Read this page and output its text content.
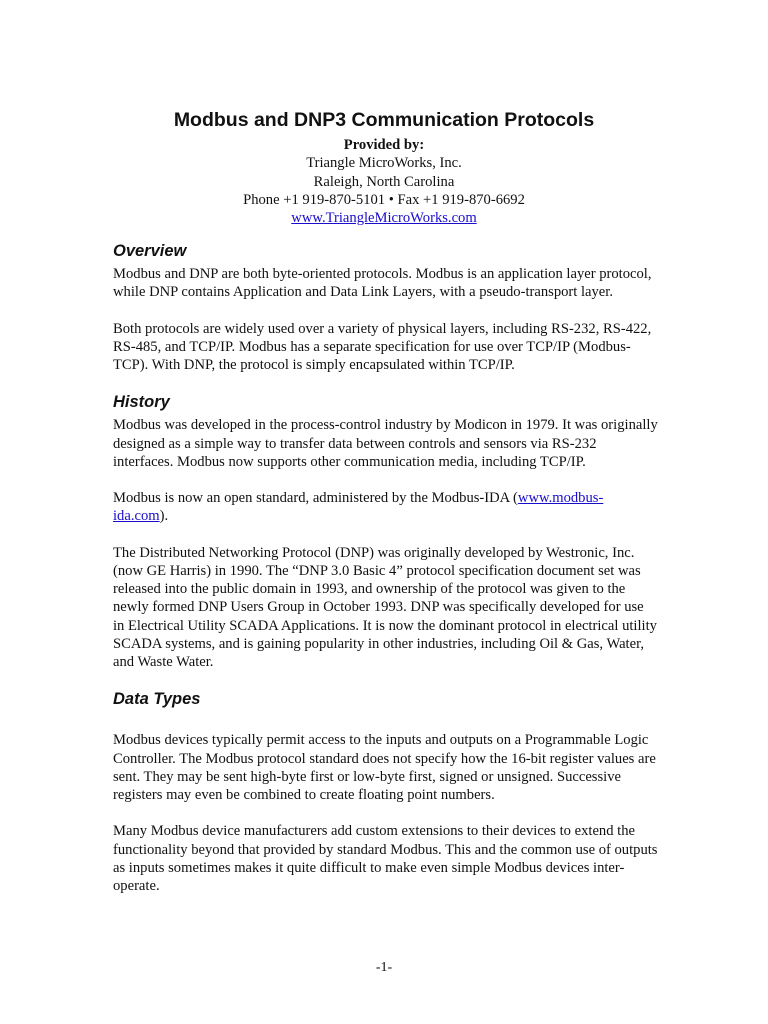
Modbus and DNP3 Communication Protocols
Provided by:
Triangle MicroWorks, Inc.
Raleigh, North Carolina
Phone +1 919-870-5101 • Fax +1 919-870-6692
www.TriangleMicroWorks.com
Overview

Modbus and DNP are both byte-oriented protocols. Modbus is an application layer protocol, while DNP contains Application and Data Link Layers, with a pseudo-transport layer.

Both protocols are widely used over a variety of physical layers, including RS-232, RS-422, RS-485, and TCP/IP. Modbus has a separate specification for use over TCP/IP (Modbus-TCP). With DNP, the protocol is simply encapsulated within TCP/IP.

History

Modbus was developed in the process-control industry by Modicon in 1979. It was originally designed as a simple way to transfer data between controls and sensors via RS-232 interfaces. Modbus now supports other communication media, including TCP/IP.

Modbus is now an open standard, administered by the Modbus-IDA (www.modbus-ida.com).

The Distributed Networking Protocol (DNP) was originally developed by Westronic, Inc. (now GE Harris) in 1990. The “DNP 3.0 Basic 4” protocol specification document set was released into the public domain in 1993, and ownership of the protocol was given to the newly formed DNP Users Group in October 1993. DNP was specifically developed for use in Electrical Utility SCADA Applications. It is now the dominant protocol in electrical utility SCADA systems, and is gaining popularity in other industries, including Oil & Gas, Water, and Waste Water.

Data Types

Modbus devices typically permit access to the inputs and outputs on a Programmable Logic Controller. The Modbus protocol standard does not specify how the 16-bit register values are sent. They may be sent high-byte first or low-byte first, signed or unsigned. Successive registers may even be combined to create floating point numbers.

Many Modbus device manufacturers add custom extensions to their devices to extend the functionality beyond that provided by standard Modbus. This and the common use of outputs as inputs sometimes makes it quite difficult to make even simple Modbus devices inter-operate.

-1-
